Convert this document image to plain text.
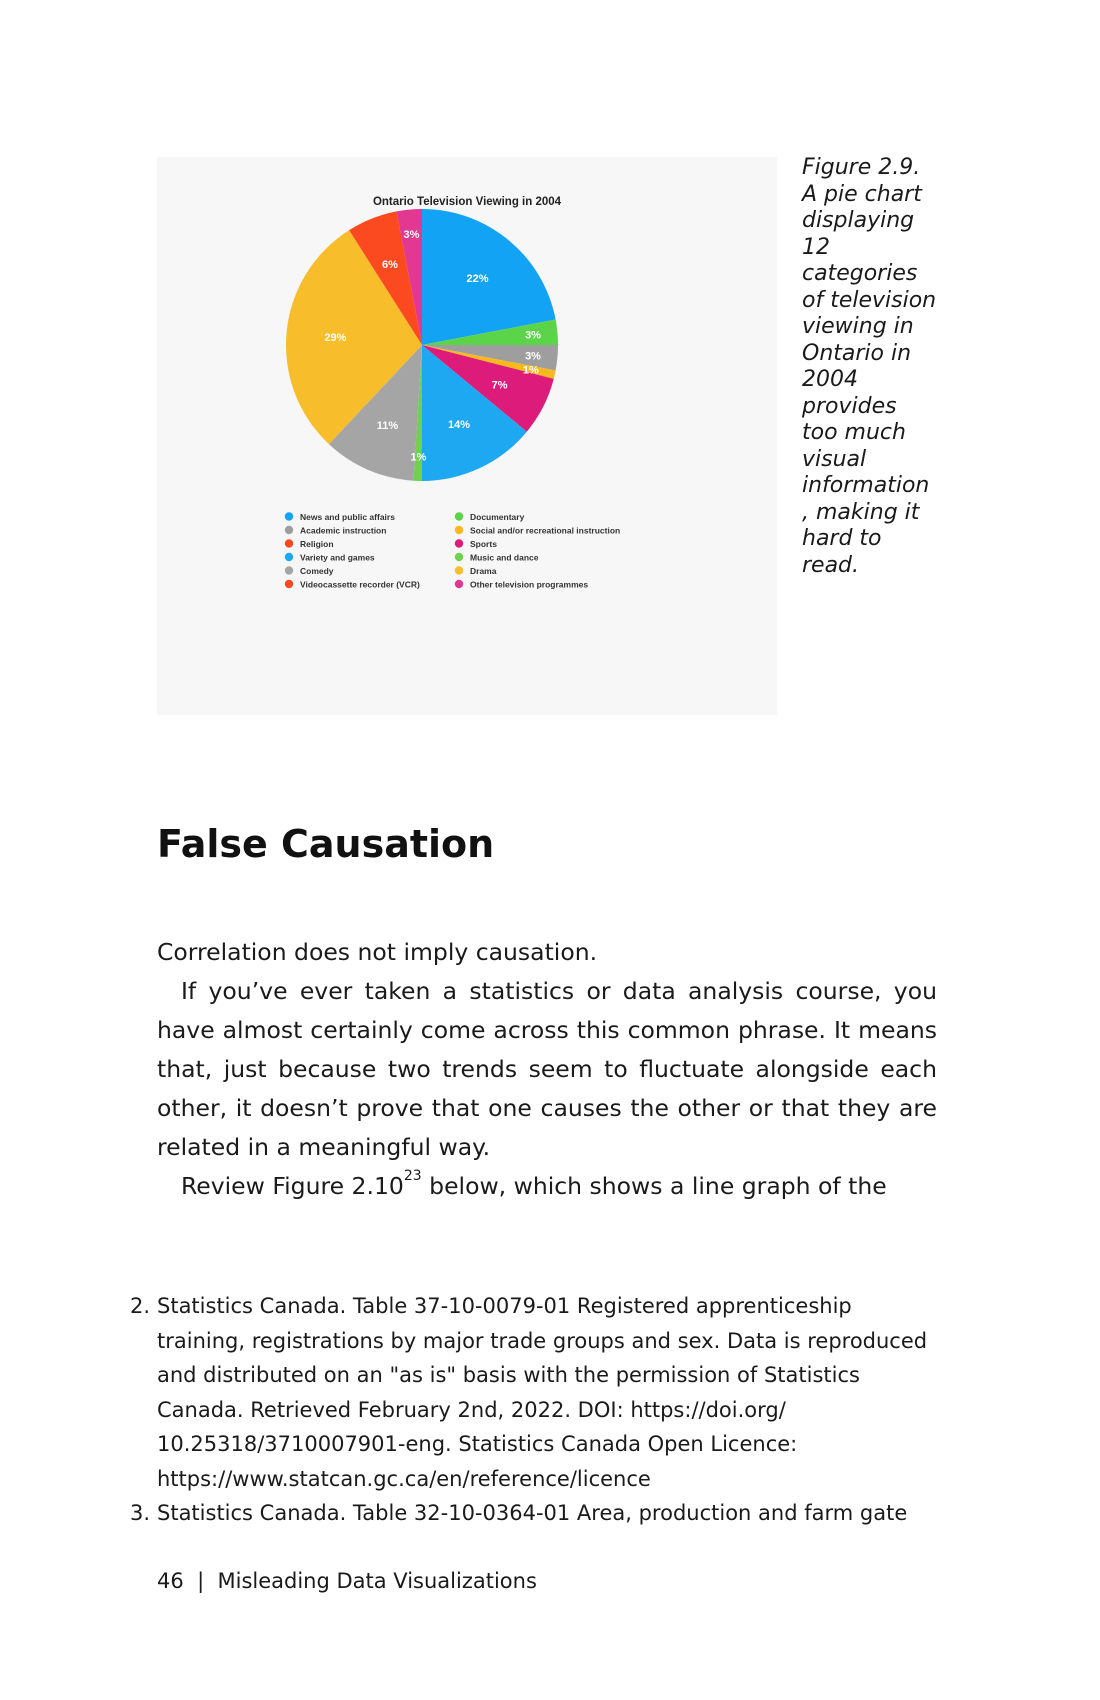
Ontario Television Viewing in 2004
22%
3%
3%
1%
7%
14%
1%
11%
29%
6%
3%
News and public affairs
Academic instruction
Religion
Variety and games
Comedy
Videocassette recorder (VCR)
Documentary
Social and/or recreational instruction
Sports
Music and dance
Drama
Other television programmes
Figure 2.9.
A pie chart
displaying
12
categories
of television
viewing in
Ontario in
2004
provides
too much
visual
information
, making it
hard to
read.
False Causation

Correlation does not imply causation.

If you’ve ever taken a statistics or data analysis course, you have almost certainly come across this common phrase. It means that, just because two trends seem to fluctuate alongside each other, it doesn’t prove that one causes the other or that they are related in a meaningful way.

Review Figure 2.10$^{23}$ below, which shows a line graph of the

2. Statistics Canada. Table 37-10-0079-01 Registered apprenticeship training, registrations by major trade groups and sex. Data is reproduced and distributed on an "as is" basis with the permission of Statistics Canada. Retrieved February 2nd, 2022. DOI: https://doi.org/ 10.25318/3710007901-eng. Statistics Canada Open Licence: https://www.statcan.gc.ca/en/reference/licence
3. Statistics Canada. Table 32-10-0364-01 Area, production and farm gate
46  |  Misleading Data Visualizations
